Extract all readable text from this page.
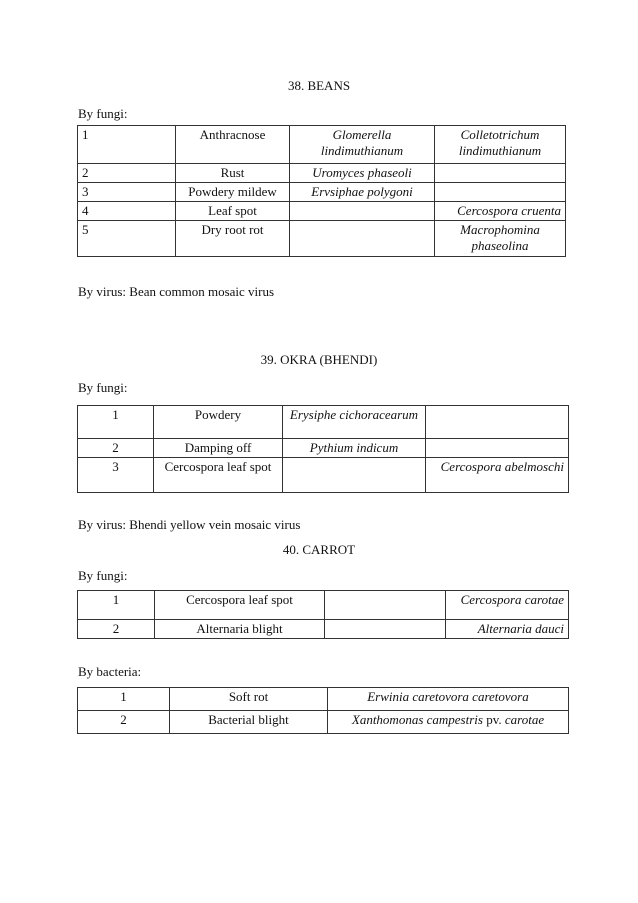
38. BEANS
By fungi:
1	Anthracnose	Glomerella lindimuthianum	Colletotrichum lindimuthianum
2	Rust	Uromyces phaseoli	
3	Powdery mildew	Ervsiphae polygoni	
4	Leaf spot		Cercospora cruenta
5	Dry root rot		Macrophomina phaseolina
By virus: Bean common mosaic virus
39. OKRA (BHENDI)
By fungi:
1	Powdery	Erysiphe cichoracearum	
2	Damping off	Pythium indicum	
3	Cercospora leaf spot		Cercospora abelmoschi
By virus: Bhendi yellow vein mosaic virus
40. CARROT
By fungi:
1	Cercospora leaf spot		Cercospora carotae
2	Alternaria blight		Alternaria dauci
By bacteria:
1	Soft rot	Erwinia caretovora caretovora
2	Bacterial blight	Xanthomonas campestris pv. carotae
